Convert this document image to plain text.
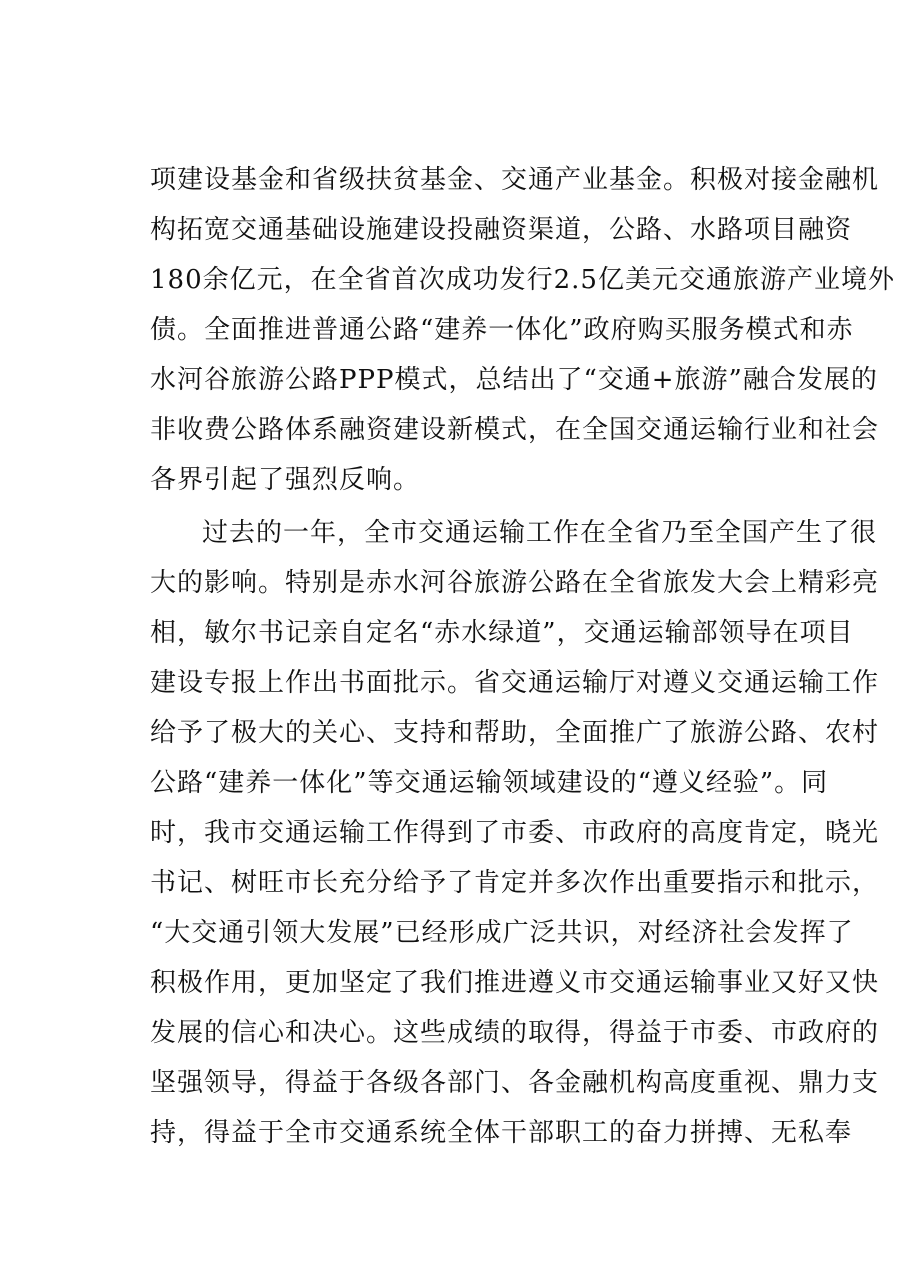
项建设基金和省级扶贫基金、交通产业基金。积极对接金融机
构拓宽交通基础设施建设投融资渠道，公路、水路项目融资
180余亿元，在全省首次成功发行2.5亿美元交通旅游产业境外
债。全面推进普通公路“建养一体化”政府购买服务模式和赤
水河谷旅游公路PPP模式，总结出了“交通+旅游”融合发展的
非收费公路体系融资建设新模式，在全国交通运输行业和社会
各界引起了强烈反响。
过去的一年，全市交通运输工作在全省乃至全国产生了很
大的影响。特别是赤水河谷旅游公路在全省旅发大会上精彩亮
相，敏尔书记亲自定名“赤水绿道”，交通运输部领导在项目
建设专报上作出书面批示。省交通运输厅对遵义交通运输工作
给予了极大的关心、支持和帮助，全面推广了旅游公路、农村
公路“建养一体化”等交通运输领域建设的“遵义经验”。同
时，我市交通运输工作得到了市委、市政府的高度肯定，晓光
书记、树旺市长充分给予了肯定并多次作出重要指示和批示，
“大交通引领大发展”已经形成广泛共识，对经济社会发挥了
积极作用，更加坚定了我们推进遵义市交通运输事业又好又快
发展的信心和决心。这些成绩的取得，得益于市委、市政府的
坚强领导，得益于各级各部门、各金融机构高度重视、鼎力支
持，得益于全市交通系统全体干部职工的奋力拼搏、无私奉
